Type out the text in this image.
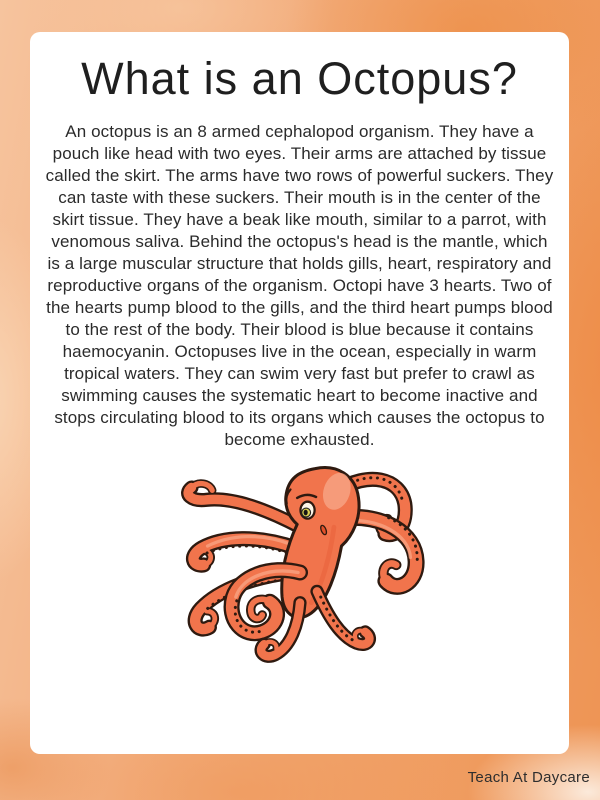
What is an Octopus?

An octopus is an 8 armed cephalopod organism. They have a pouch like head with two eyes. Their arms are attached by tissue called the skirt. The arms have two rows of powerful suckers. They can taste with these suckers. Their mouth is in the center of the skirt tissue. They have a beak like mouth, similar to a parrot, with venomous saliva. Behind the octopus's head is the mantle, which is a large muscular structure that holds gills, heart, respiratory and reproductive organs of the organism. Octopi have 3 hearts. Two of the hearts pump blood to the gills, and the third heart pumps blood to the rest of the body. Their blood is blue because it contains haemocyanin. Octopuses live in the ocean, especially in warm tropical waters. They can swim very fast but prefer to crawl as swimming causes the systematic heart to become inactive and stops circulating blood to its organs which causes the octopus to become exhausted.

Teach At Daycare
